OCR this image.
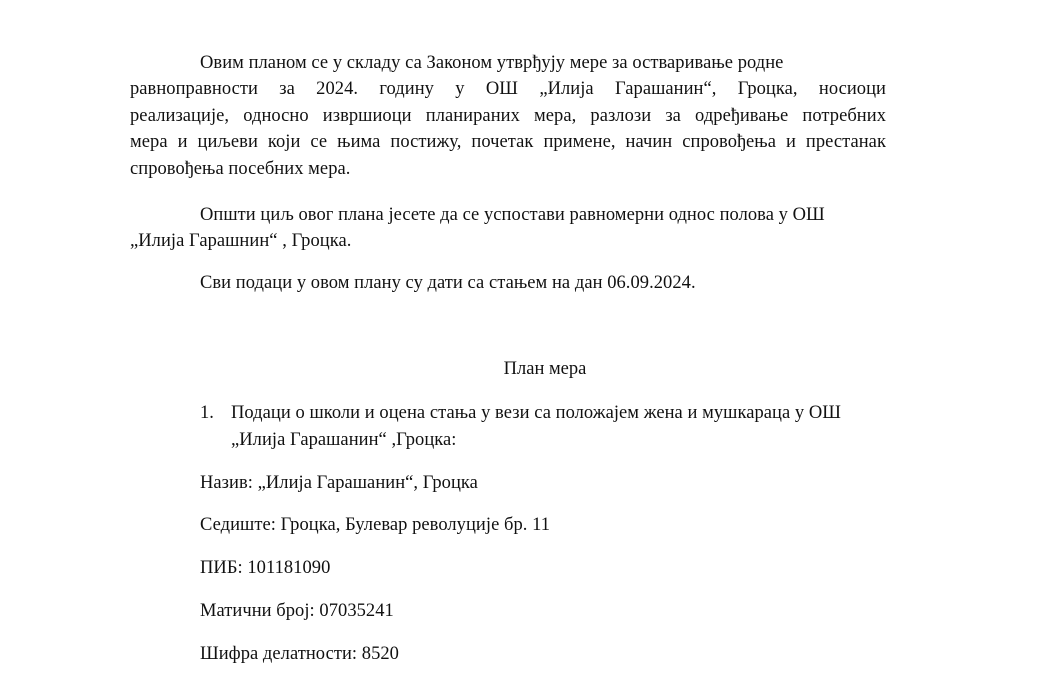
Овим планом се у складу са Законом утврђују мере за остваривање родне
равноправности за 2024. годину у ОШ „Илија Гарашанин“, Гроцка, носиоци
реализације, односно извршиоци планираних мера, разлози за одређивање потребних
мера и циљеви који се њима постижу, почетак примене, начин спровођења и престанак
спровођења посебних мера.
Општи циљ овог плана јесете да се успостави равномерни однос полова у ОШ
„Илија Гарашнин“ , Гроцка.
Сви подаци у овом плану су дати са стањем на дан 06.09.2024.
План мера
1. Подаци о школи и оцена стања у вези са положајем жена и мушкараца у ОШ
„Илија Гарашанин“ ,Гроцка:
Назив: „Илија Гарашанин“, Гроцка
Седиште: Гроцка, Булевар револуције бр. 11
ПИБ: 101181090
Матични број: 07035241
Шифра делатности: 8520
